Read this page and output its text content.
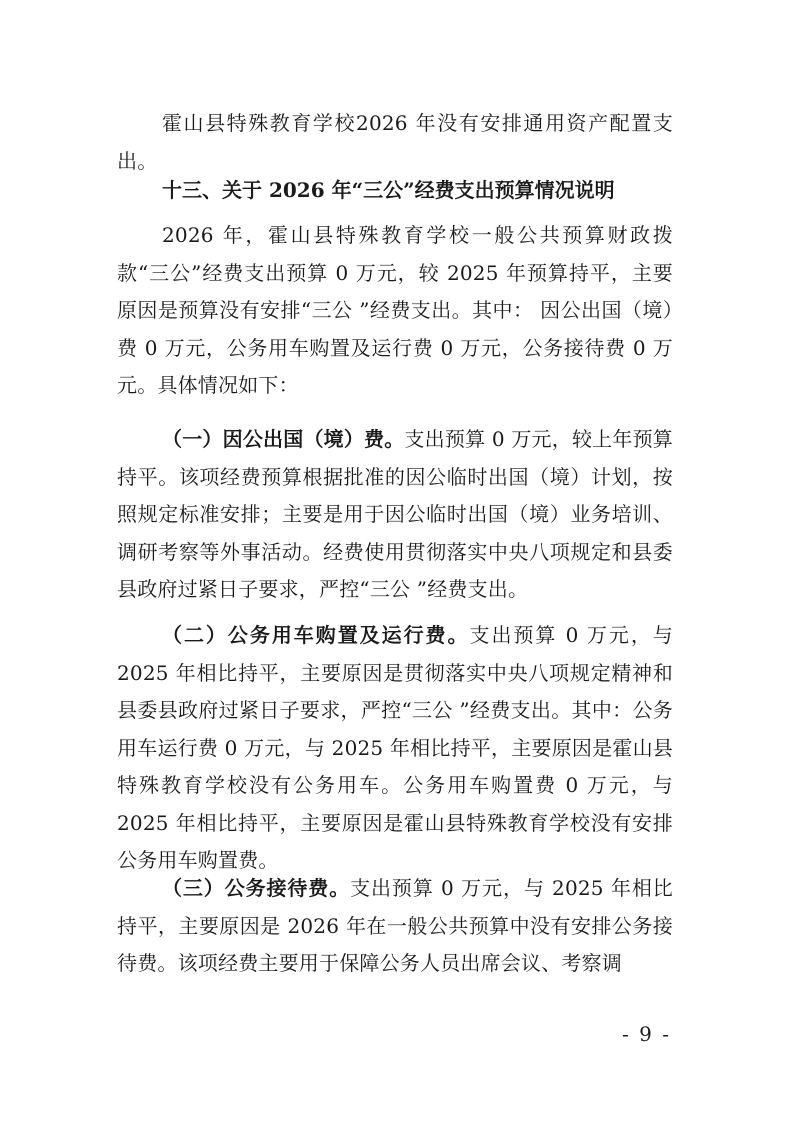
霍山县特殊教育学校2026 年没有安排通用资产配置支出。

十三、关于 2026 年“三公”经费支出预算情况说明

2026 年，霍山县特殊教育学校一般公共预算财政拨款“三公”经费支出预算 0 万元，较 2025 年预算持平，主要原因是预算没有安排“三公 ”经费支出。其中： 因公出国（境）费 0 万元，公务用车购置及运行费 0 万元，公务接待费 0 万元。具体情况如下：

（一）因公出国（境）费。支出预算 0 万元，较上年预算持平。该项经费预算根据批准的因公临时出国（境）计划，按照规定标准安排；主要是用于因公临时出国（境）业务培训、调研考察等外事活动。经费使用贯彻落实中央八项规定和县委县政府过紧日子要求，严控“三公 ”经费支出。

（二）公务用车购置及运行费。支出预算 0 万元，与 2025 年相比持平，主要原因是贯彻落实中央八项规定精神和县委县政府过紧日子要求，严控“三公 ”经费支出。其中：公务用车运行费 0 万元，与 2025 年相比持平，主要原因是霍山县特殊教育学校没有公务用车。公务用车购置费 0 万元，与 2025 年相比持平，主要原因是霍山县特殊教育学校没有安排公务用车购置费。

（三）公务接待费。支出预算 0 万元，与 2025 年相比持平，主要原因是 2026 年在一般公共预算中没有安排公务接待费。该项经费主要用于保障公务人员出席会议、考察调

- 9 -
